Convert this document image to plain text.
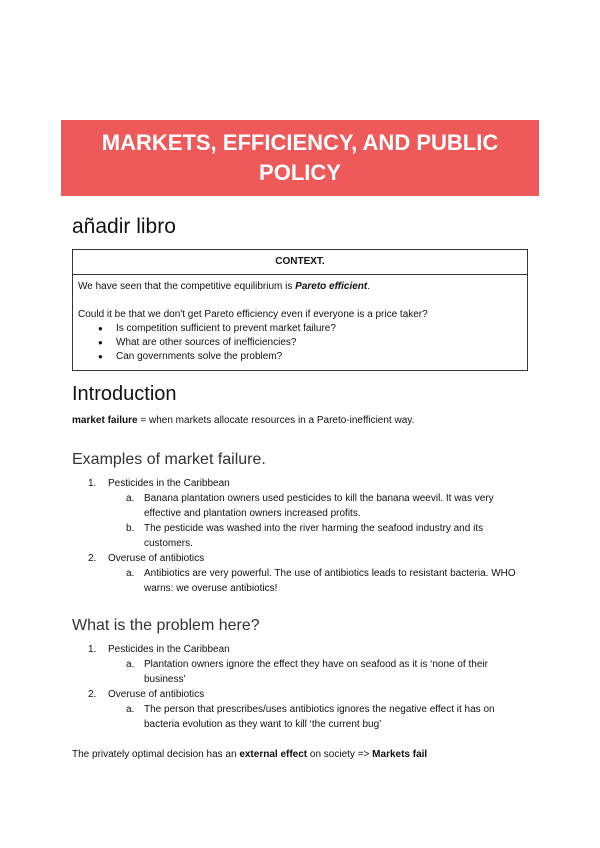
MARKETS, EFFICIENCY, AND PUBLIC POLICY
añadir libro
CONTEXT.

We have seen that the competitive equilibrium is Pareto efficient.

Could it be that we don't get Pareto efficiency even if everyone is a price taker?

● Is competition sufficient to prevent market failure?
● What are other sources of inefficiencies?
● Can governments solve the problem?
Introduction
market failure = when markets allocate resources in a Pareto-inefficient way.
Examples of market failure.
1. Pesticides in the Caribbean
a. Banana plantation owners used pesticides to kill the banana weevil. It was very effective and plantation owners increased profits.
b. The pesticide was washed into the river harming the seafood industry and its customers.
2. Overuse of antibiotics
a. Antibiotics are very powerful. The use of antibiotics leads to resistant bacteria. WHO warns: we overuse antibiotics!
What is the problem here?
1. Pesticides in the Caribbean
a. Plantation owners ignore the effect they have on seafood as it is ‘none of their business’
2. Overuse of antibiotics
a. The person that prescribes/uses antibiotics ignores the negative effect it has on bacteria evolution as they want to kill ‘the current bug’
The privately optimal decision has an external effect on society => Markets fail
